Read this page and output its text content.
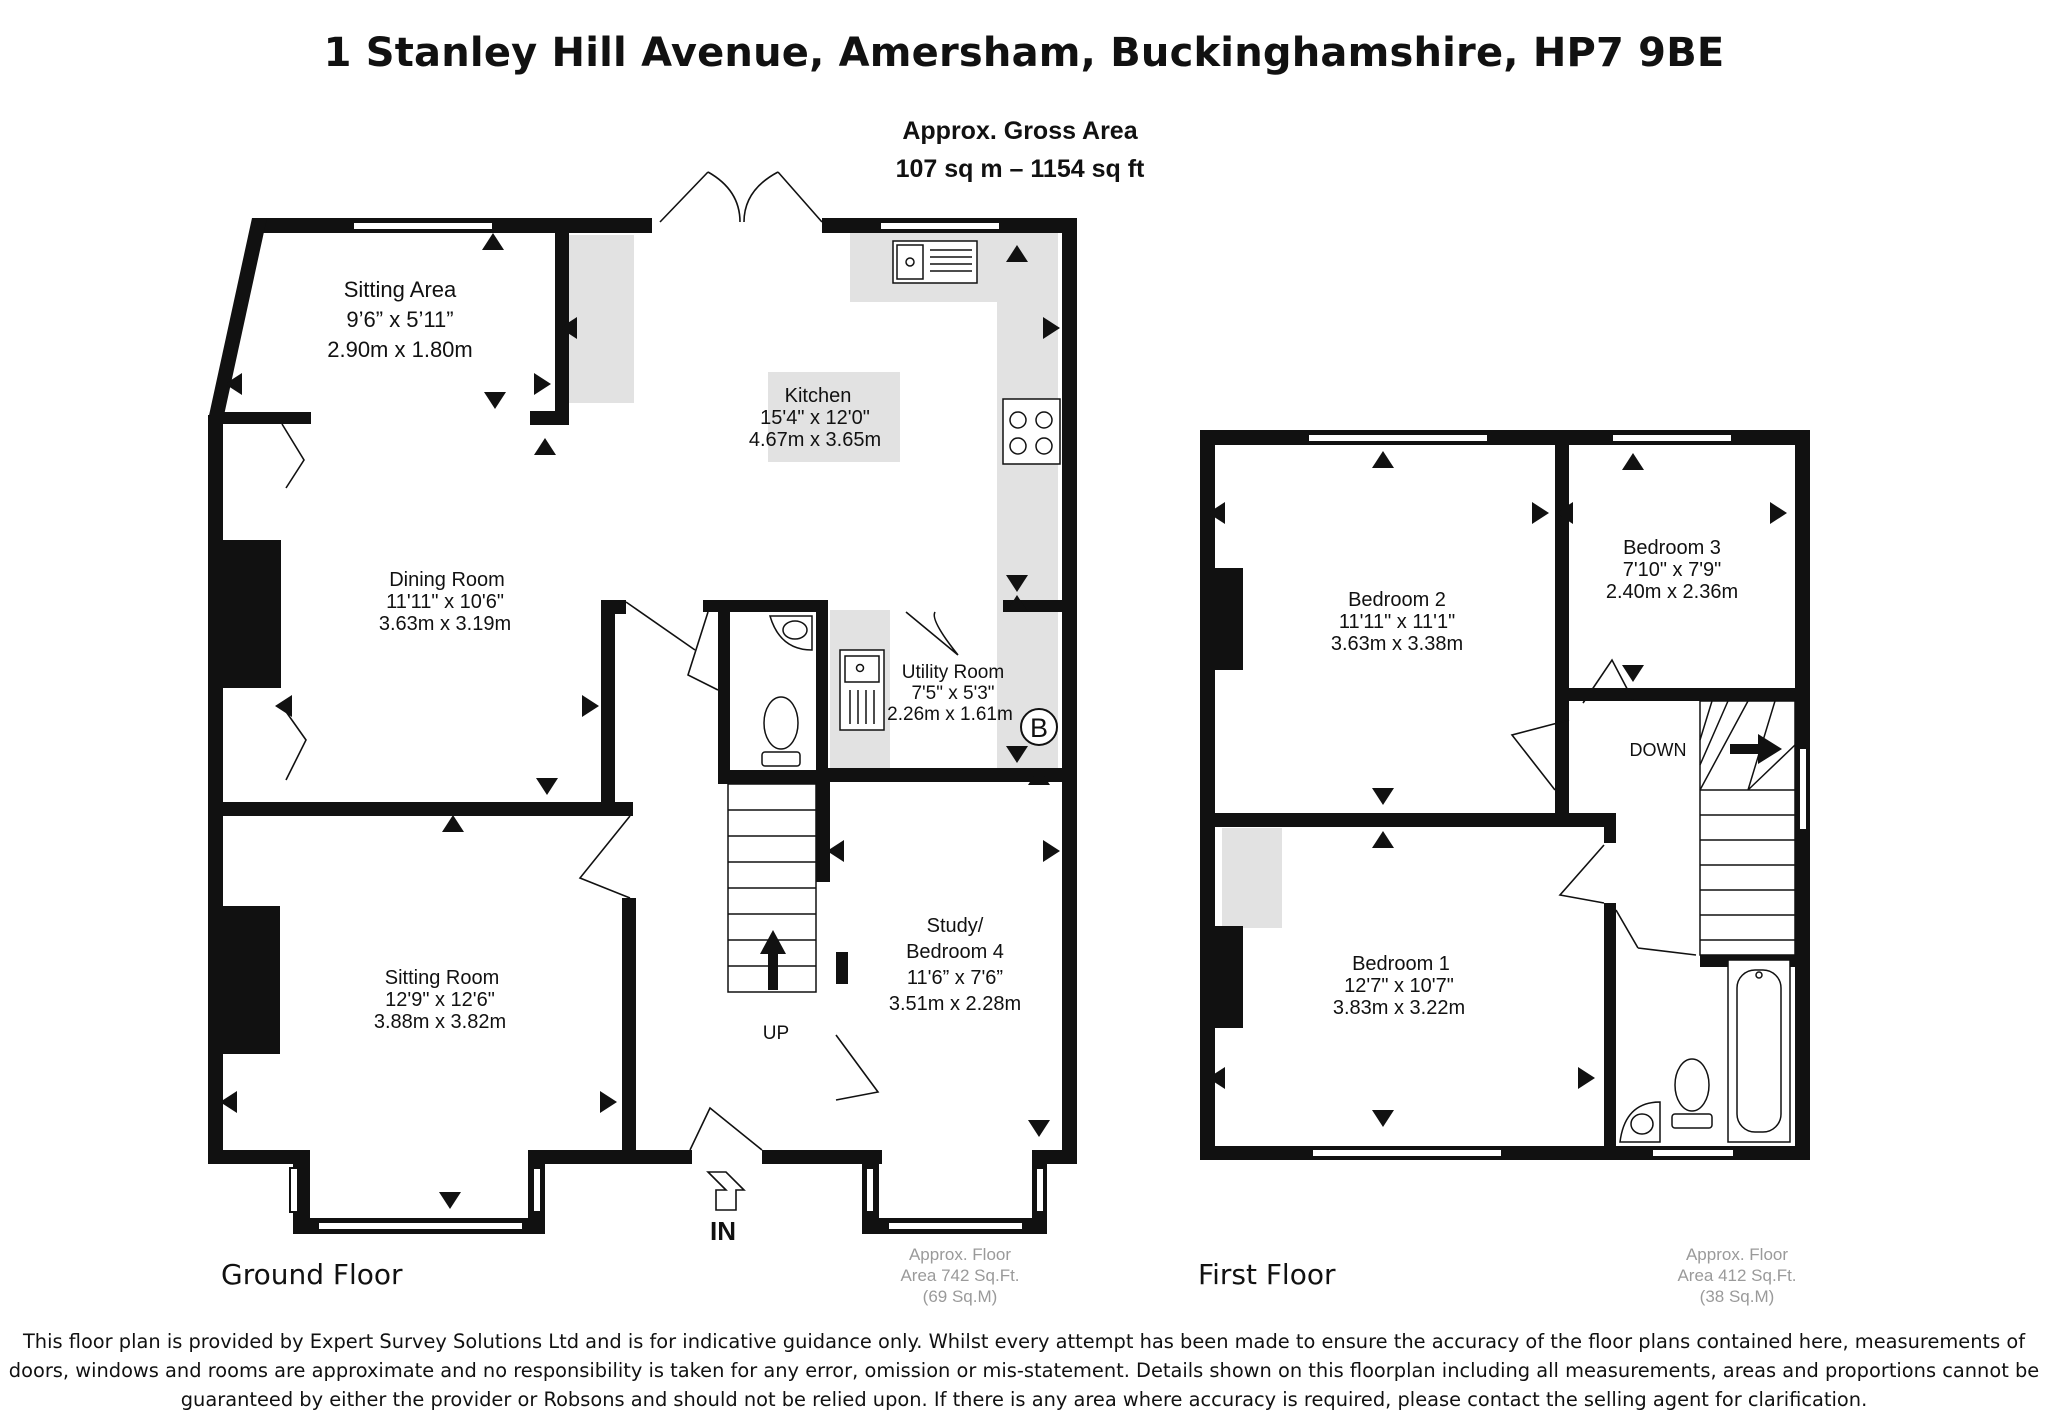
1 Stanley Hill Avenue, Amersham, Buckinghamshire, HP7 9BE
Approx. Gross Area
107 sq m – 1154 sq ft
B
UP
IN
Sitting Area
9’6” x 5’11”
2.90m x 1.80m
Kitchen
15'4" x 12'0"
4.67m x 3.65m
Dining Room
11'11" x 10'6"
3.63m x 3.19m
Utility Room
7'5" x 5'3"
2.26m x 1.61m
Sitting Room
12'9" x 12'6"
3.88m x 3.82m
Study/
Bedroom 4
11'6” x 7'6”
3.51m x 2.28m
DOWN
Bedroom 2
11'11" x 11'1"
3.63m x 3.38m
Bedroom 3
7'10" x 7'9"
2.40m x 2.36m
Bedroom 1
12'7" x 10'7"
3.83m x 3.22m
Ground Floor	First Floor
Approx. Floor
Area 742 Sq.Ft.
(69 Sq.M)
Approx. Floor
Area 412 Sq.Ft.
(38 Sq.M)
This floor plan is provided by Expert Survey Solutions Ltd and is for indicative guidance only. Whilst every attempt has been made to ensure the accuracy of the floor plans contained here, measurements of
doors, windows and rooms are approximate and no responsibility is taken for any error, omission or mis-statement. Details shown on this floorplan including all measurements, areas and proportions cannot be
guaranteed by either the provider or Robsons and should not be relied upon. If there is any area where accuracy is required, please contact the selling agent for clarification.
